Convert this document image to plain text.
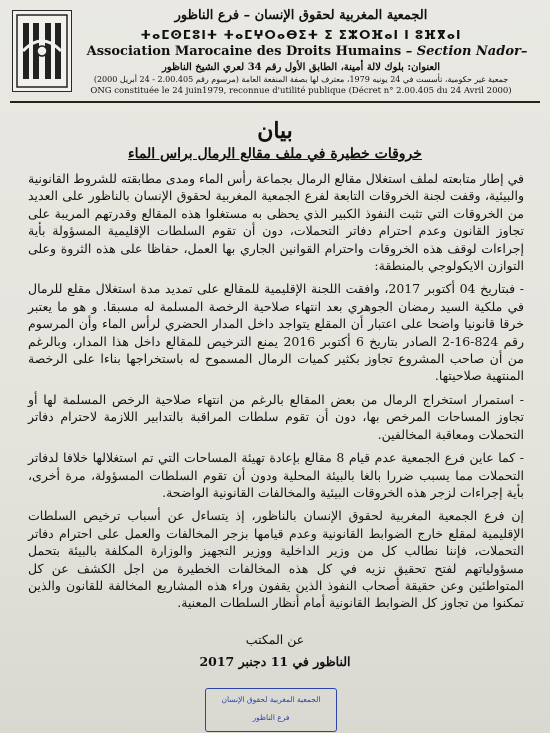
الجمعية المغربية لحقوق الإنسان – فرع الناظور
ⵜⴰⵎⵙⵎⵓⵏⵜ ⵜⴰⵎⵖⵔⴰⴱⵉⵜ ⵉ ⵉⵣⵔⴼⴰⵏ ⵏ ⵓⴼⴳⴰⵏ
Association Marocaine des Droits Humains – Section Nador–
العنوان: بلوك لالة أمينة، الطابق الأول رقم 34 لعري الشيخ الناظور
جمعية غير حكومية، تأسست في 24 يونيه 1979، معترف لها بصفة المنفعة العامة (مرسوم رقم 2.00.405 - 24 أبريل 2000)
ONG constituée le 24 juin1979, reconnue d'utilité publique (Décret n° 2.00.405 du 24 Avril 2000)
بيان
خروقات خطيرة في ملف مقالع الرمال براس الماء

في إطار متابعته لملف استغلال مقالع الرمال بجماعة رأس الماء ومدى مطابقته للشروط القانونية والبيئية، وقفت لجنة الخروقات التابعة لفرع الجمعية المغربية لحقوق الإنسان بالناظور على العديد من الخروقات التي تثبت النفوذ الكبير الذي يحظى به مستغلوا هذه المقالع وقدرتهم المريبة على تجاوز القانون وعدم احترام دفاتر التحملات، دون أن تقوم السلطات الإقليمية المسؤولة بأية إجراءات لوقف هذه الخروقات واحترام القوانين الجاري بها العمل، حفاظا على هذه الثروة وعلى التوازن الايكولوجي بالمنطقة:

- فبتاريخ 04 أكتوبر 2017، وافقت اللجنة الإقليمية للمقالع على تمديد مدة استغلال مقلع للرمال في ملكية السيد رمضان الجوهري بعد انتهاء صلاحية الرخصة المسلمة له مسبقا. و هو ما يعتبر خرقا قانونيا واضحا على اعتبار أن المقلع يتواجد داخل المدار الحضري لرأس الماء وأن المرسوم رقم 824-16-2 الصادر بتاريخ 6 أكتوبر 2016 يمنع الترخيص للمقالع داخل هذا المدار، وبالرغم من أن صاحب المشروع تجاوز بكثير كميات الرمال المسموح له باستخراجها بناءا على الرخصة المنتهية صلاحيتها.

- استمرار استخراج الرمال من بعض المقالع بالرغم من انتهاء صلاحية الرخص المسلمة لها أو تجاوز المساحات المرخص بها، دون أن تقوم سلطات المراقبة بالتدابير اللازمة لاحترام دفاتر التحملات ومعاقبة المخالفين.

- كما عاين فرع الجمعية عدم قيام 8 مقالع بإعادة تهيئة المساحات التي تم استغلالها خلافا لدفاتر التحملات مما يسبب ضررا بالغا بالبيئة المحلية ودون أن تقوم السلطات المسؤولة، مرة أخرى، بأية إجراءات لزجر هذه الخروقات البيئية والمخالفات القانونية الواضحة.

إن فرع الجمعية المغربية لحقوق الإنسان بالناظور، إذ يتساءل عن أسباب ترخيص السلطات الإقليمية لمقلع خارج الضوابط القانونية وعدم قيامها بزجر المخالفات والعمل على احترام دفاتر التحملات، فإننا نطالب كل من وزير الداخلية ووزير التجهيز والوزارة المكلفة بالبيئة بتحمل مسؤولياتهم لفتح تحقيق نزيه في كل هذه المخالفات الخطيرة من اجل الكشف عن كل المتواطئين وعن حقيقة أصحاب النفوذ الذين يقفون وراء هذه المشاريع المخالفة للقانون والذين تمكنوا من تجاوز كل الضوابط القانونية أمام أنظار السلطات المعنية.

عن المكتب
الناظور في 11 دجنبر 2017
الجمعية المغربية لحقوق الإنسان
فرع الناظور
